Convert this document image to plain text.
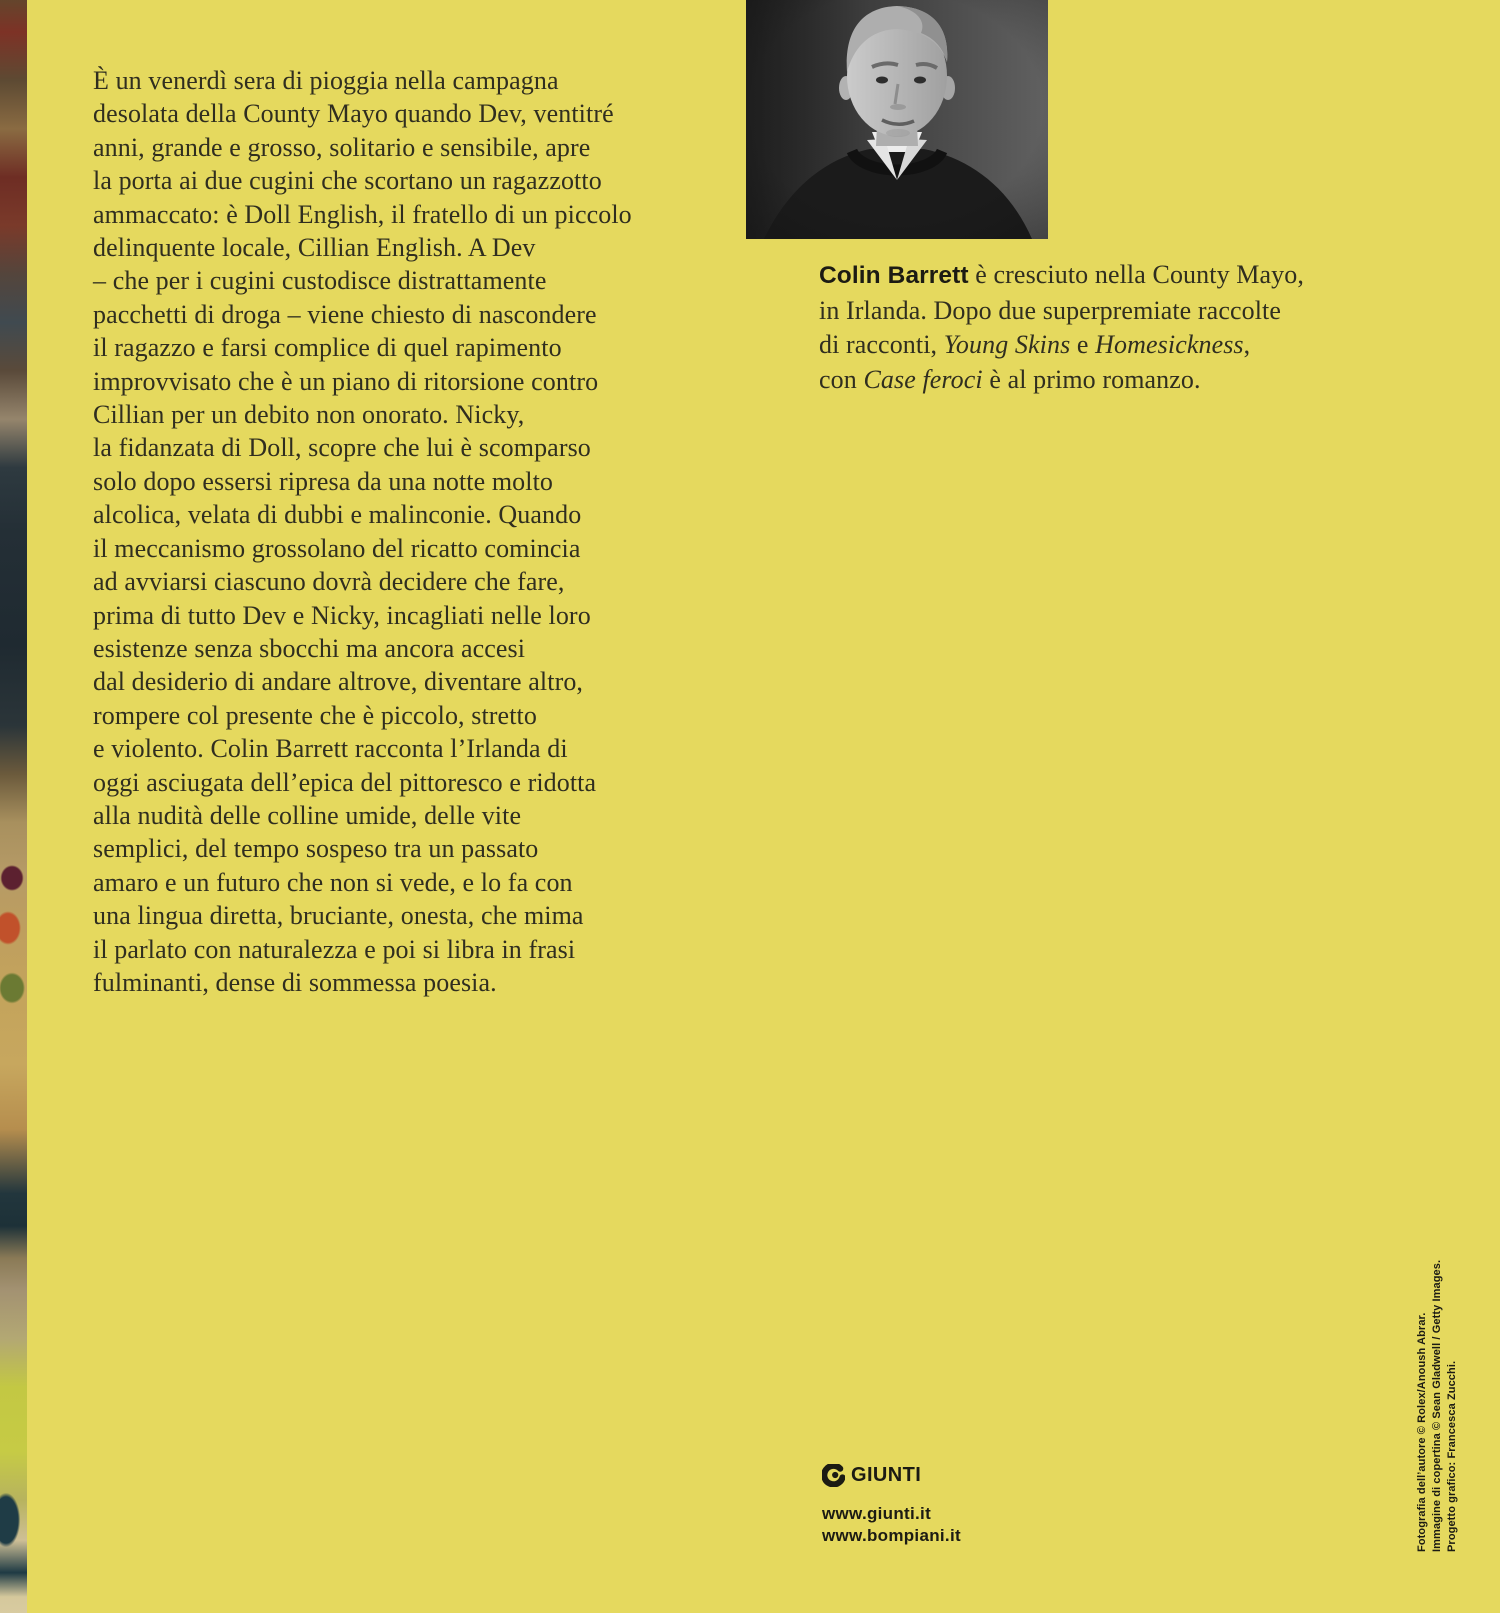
È un venerdì sera di pioggia nella campagna
desolata della County Mayo quando Dev, ventitré
anni, grande e grosso, solitario e sensibile, apre
la porta ai due cugini che scortano un ragazzotto
ammaccato: è Doll English, il fratello di un piccolo
delinquente locale, Cillian English. A Dev
– che per i cugini custodisce distrattamente
pacchetti di droga – viene chiesto di nascondere
il ragazzo e farsi complice di quel rapimento
improvvisato che è un piano di ritorsione contro
Cillian per un debito non onorato. Nicky,
la fidanzata di Doll, scopre che lui è scomparso
solo dopo essersi ripresa da una notte molto
alcolica, velata di dubbi e malinconie. Quando
il meccanismo grossolano del ricatto comincia
ad avviarsi ciascuno dovrà decidere che fare,
prima di tutto Dev e Nicky, incagliati nelle loro
esistenze senza sbocchi ma ancora accesi
dal desiderio di andare altrove, diventare altro,
rompere col presente che è piccolo, stretto
e violento. Colin Barrett racconta l’Irlanda di
oggi asciugata dell’epica del pittoresco e ridotta
alla nudità delle colline umide, delle vite
semplici, del tempo sospeso tra un passato
amaro e un futuro che non si vede, e lo fa con
una lingua diretta, bruciante, onesta, che mima
il parlato con naturalezza e poi si libra in frasi
fulminanti, dense di sommessa poesia.
Colin Barrett è cresciuto nella County Mayo,
in Irlanda. Dopo due superpremiate raccolte
di racconti, Young Skins e Homesickness,
con Case feroci è al primo romanzo.
GIUNTI
www.giunti.it
www.bompiani.it	Fotografia dell’autore © Rolex/Anoush Abrar. Immagine di copertina © Sean Gladwell / Getty Images. Progetto grafico: Francesca Zucchi.
